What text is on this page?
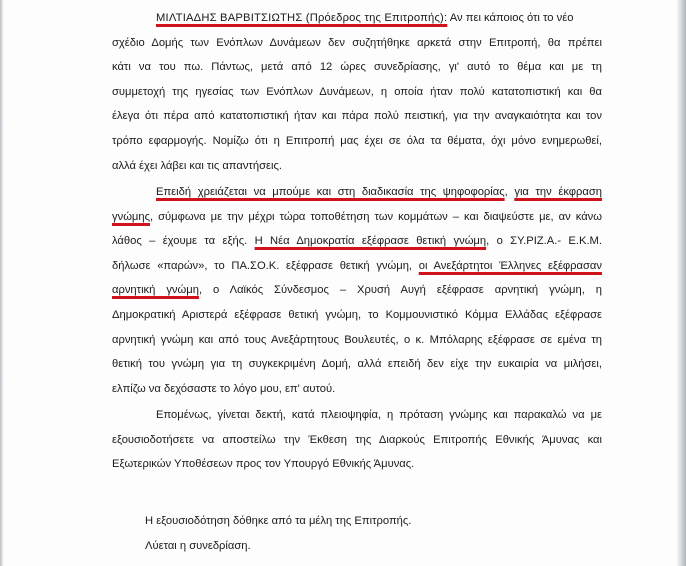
ΜΙΛΤΙΑΔΗΣ ΒΑΡΒΙΤΣΙΩΤΗΣ (Πρόεδρος της Επιτροπής): Αν πει κάποιος ότι το νέο
σχέδιο Δομής των Ενόπλων Δυνάμεων δεν συζητήθηκε αρκετά στην Επιτροπή, θα πρέπει
κάτι να του πω. Πάντως, μετά από 12 ώρες συνεδρίασης, γι' αυτό το θέμα και με τη
συμμετοχή της ηγεσίας των Ενόπλων Δυνάμεων, η οποία ήταν πολύ κατατοπιστική και θα
έλεγα ότι πέρα από κατατοπιστική ήταν και πάρα πολύ πειστική, για την αναγκαιότητα και τον
τρόπο εφαρμογής. Νομίζω ότι η Επιτροπή μας έχει σε όλα τα θέματα, όχι μόνο ενημερωθεί,
αλλά έχει λάβει και τις απαντήσεις.
Επειδή χρειάζεται να μπούμε και στη διαδικασία της ψηφοφορίας, για την έκφραση
γνώμης, σύμφωνα με την μέχρι τώρα τοποθέτηση των κομμάτων – και διαψεύστε με, αν κάνω
λάθος – έχουμε τα εξής. Η Νέα Δημοκρατία εξέφρασε θετική γνώμη, ο ΣΥ.ΡΙΖ.Α.- Ε.Κ.Μ.
δήλωσε «παρών», το ΠΑ.ΣΟ.Κ. εξέφρασε θετική γνώμη, οι Ανεξάρτητοι Έλληνες εξέφρασαν
αρνητική γνώμη, ο Λαϊκός Σύνδεσμος – Χρυσή Αυγή εξέφρασε αρνητική γνώμη, η
Δημοκρατική Αριστερά εξέφρασε θετική γνώμη, το Κομμουνιστικό Κόμμα Ελλάδας εξέφρασε
αρνητική γνώμη και από τους Ανεξάρτητους Βουλευτές, ο κ. Μπόλαρης εξέφρασε σε εμένα τη
θετική του γνώμη για τη συγκεκριμένη Δομή, αλλά επειδή δεν είχε την ευκαιρία να μιλήσει,
ελπίζω να δεχόσαστε το λόγο μου, επ' αυτού.
Επομένως, γίνεται δεκτή, κατά πλειοψηφία, η πρόταση γνώμης και παρακαλώ να με
εξουσιοδοτήσετε να αποστείλω την Έκθεση της Διαρκούς Επιτροπής Εθνικής Άμυνας και
Εξωτερικών Υποθέσεων προς τον Υπουργό Εθνικής Άμυνας.
Η εξουσιοδότηση δόθηκε από τα μέλη της Επιτροπής.
Λύεται η συνεδρίαση.
